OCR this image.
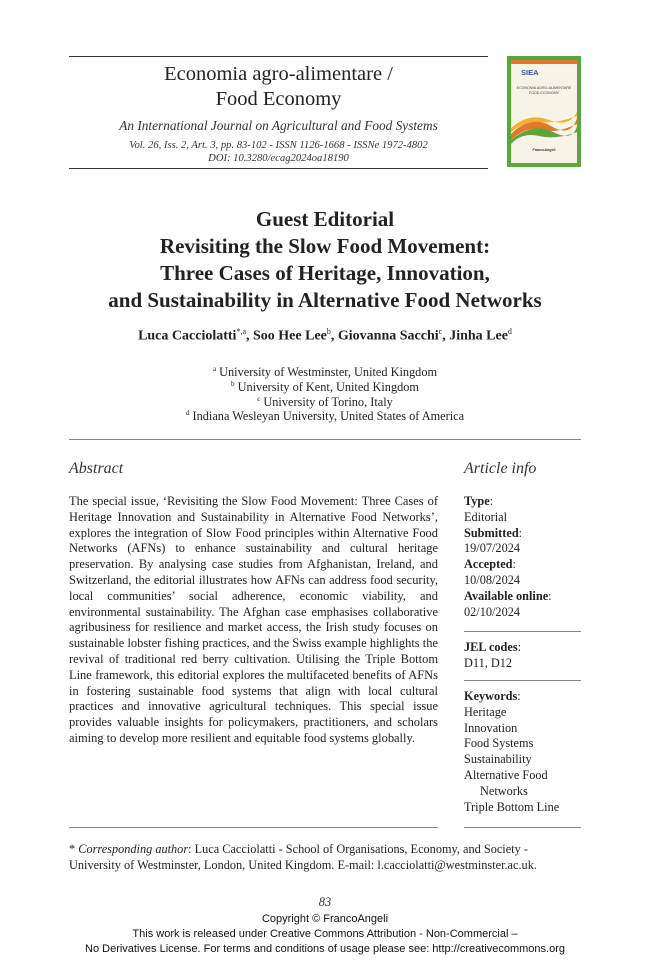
Economia agro-alimentare /
Food Economy
An International Journal on Agricultural and Food Systems
Vol. 26, Iss. 2, Art. 3, pp. 83-102 - ISSN 1126-1668 - ISSNe 1972-4802
DOI: 10.3280/ecag2024oa18190
SIEA
ECONOMIA AGRO-ALIMENTARE FOOD ECONOMY
FrancoAngeli
Guest Editorial
Revisiting the Slow Food Movement:
Three Cases of Heritage, Innovation,
and Sustainability in Alternative Food Networks
Luca Cacciolatti$^{*,a}$, Soo Hee Lee$^b$, Giovanna Sacchi$^c$, Jinha Lee$^d$
$^a$ University of Westminster, United Kingdom
$^b$ University of Kent, United Kingdom
$^c$ University of Torino, Italy
$^d$ Indiana Wesleyan University, United States of America
Abstract
The special issue, ‘Revisiting the Slow Food Movement: Three Cases of Heritage Innovation and Sustainability in Alternative Food Networks’, explores the integration of Slow Food principles within Alternative Food Networks (AFNs) to enhance sustainability and cultural heritage preservation. By analysing case studies from Afghanistan, Ireland, and Switzerland, the editorial illustrates how AFNs can address food security, local communities’ social adherence, economic viability, and environmental sustainability. The Afghan case emphasises collaborative agribusiness for resilience and market access, the Irish study focuses on sustainable lobster fishing practices, and the Swiss example highlights the revival of traditional red berry cultivation. Utilising the Triple Bottom Line framework, this editorial explores the multifaceted benefits of AFNs in fostering sustainable food systems that align with local cultural practices and innovative agricultural techniques. This special issue provides valuable insights for policymakers, practitioners, and scholars aiming to develop more resilient and equitable food systems globally.
Article info
Type:
Editorial
Submitted:
19/07/2024
Accepted:
10/08/2024
Available online:
02/10/2024
JEL codes:
D11, D12
Keywords:
Heritage
Innovation
Food Systems
Sustainability
Alternative Food
Networks
Triple Bottom Line
* Corresponding author: Luca Cacciolatti - School of Organisations, Economy, and Society - University of Westminster, London, United Kingdom. E-mail: l.cacciolatti@westminster.ac.uk.
83
Copyright © FrancoAngeli
This work is released under Creative Commons Attribution - Non-Commercial –
No Derivatives License. For terms and conditions of usage please see: http://creativecommons.org
